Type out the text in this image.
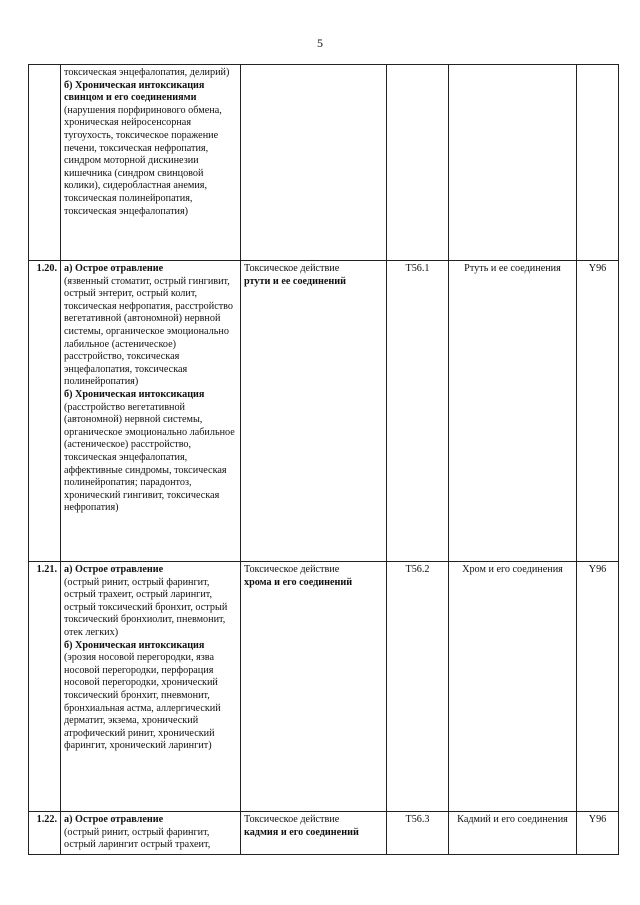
5

	токсическая энцефалопатия, делирий)
б) Хроническая интоксикация свинцом и его соединениями
(нарушения порфиринового обмена, хроническая нейросенсорная тугоухость, токсическое поражение печени, токсическая нефропатия, синдром моторной дискинезии кишечника (синдром свинцовой колики), сидеробластная анемия, токсическая полинейропатия, токсическая энцефалопатия)				

1.20.	а) Острое отравление
(язвенный стоматит, острый гингивит, острый энтерит, острый колит, токсическая нефропатия, расстройство вегетативной (автономной) нервной системы, органическое эмоционально лабильное (астеническое) расстройство, токсическая энцефалопатия, токсическая полинейропатия)
б) Хроническая интоксикация
(расстройство вегетативной (автономной) нервной системы, органическое эмоционально лабильное (астеническое) расстройство, токсическая энцефалопатия, аффективные синдромы, токсическая полинейропатия; парадонтоз, хронический гингивит, токсическая нефропатия)	Токсическое действие
ртути и ее соединений	T56.1	Ртуть и ее соединения	Y96
1.21.	а) Острое отравление
(острый ринит, острый фарингит, острый трахеит, острый ларингит, острый токсический бронхит, острый токсический бронхиолит, пневмонит, отек легких)
б) Хроническая интоксикация
(эрозия носовой перегородки, язва носовой перегородки, перфорация носовой перегородки, хронический токсический бронхит, пневмонит, бронхиальная астма, аллергический дерматит, экзема, хронический атрофический ринит, хронический фарингит, хронический ларингит)	Токсическое действие
хрома и его соединений	T56.2	Хром и его соединения	Y96
1.22.	а) Острое отравление
(острый ринит, острый фарингит, острый ларингит острый трахеит,	Токсическое действие
кадмия и его соединений	T56.3	Кадмий и его соединения	Y96
